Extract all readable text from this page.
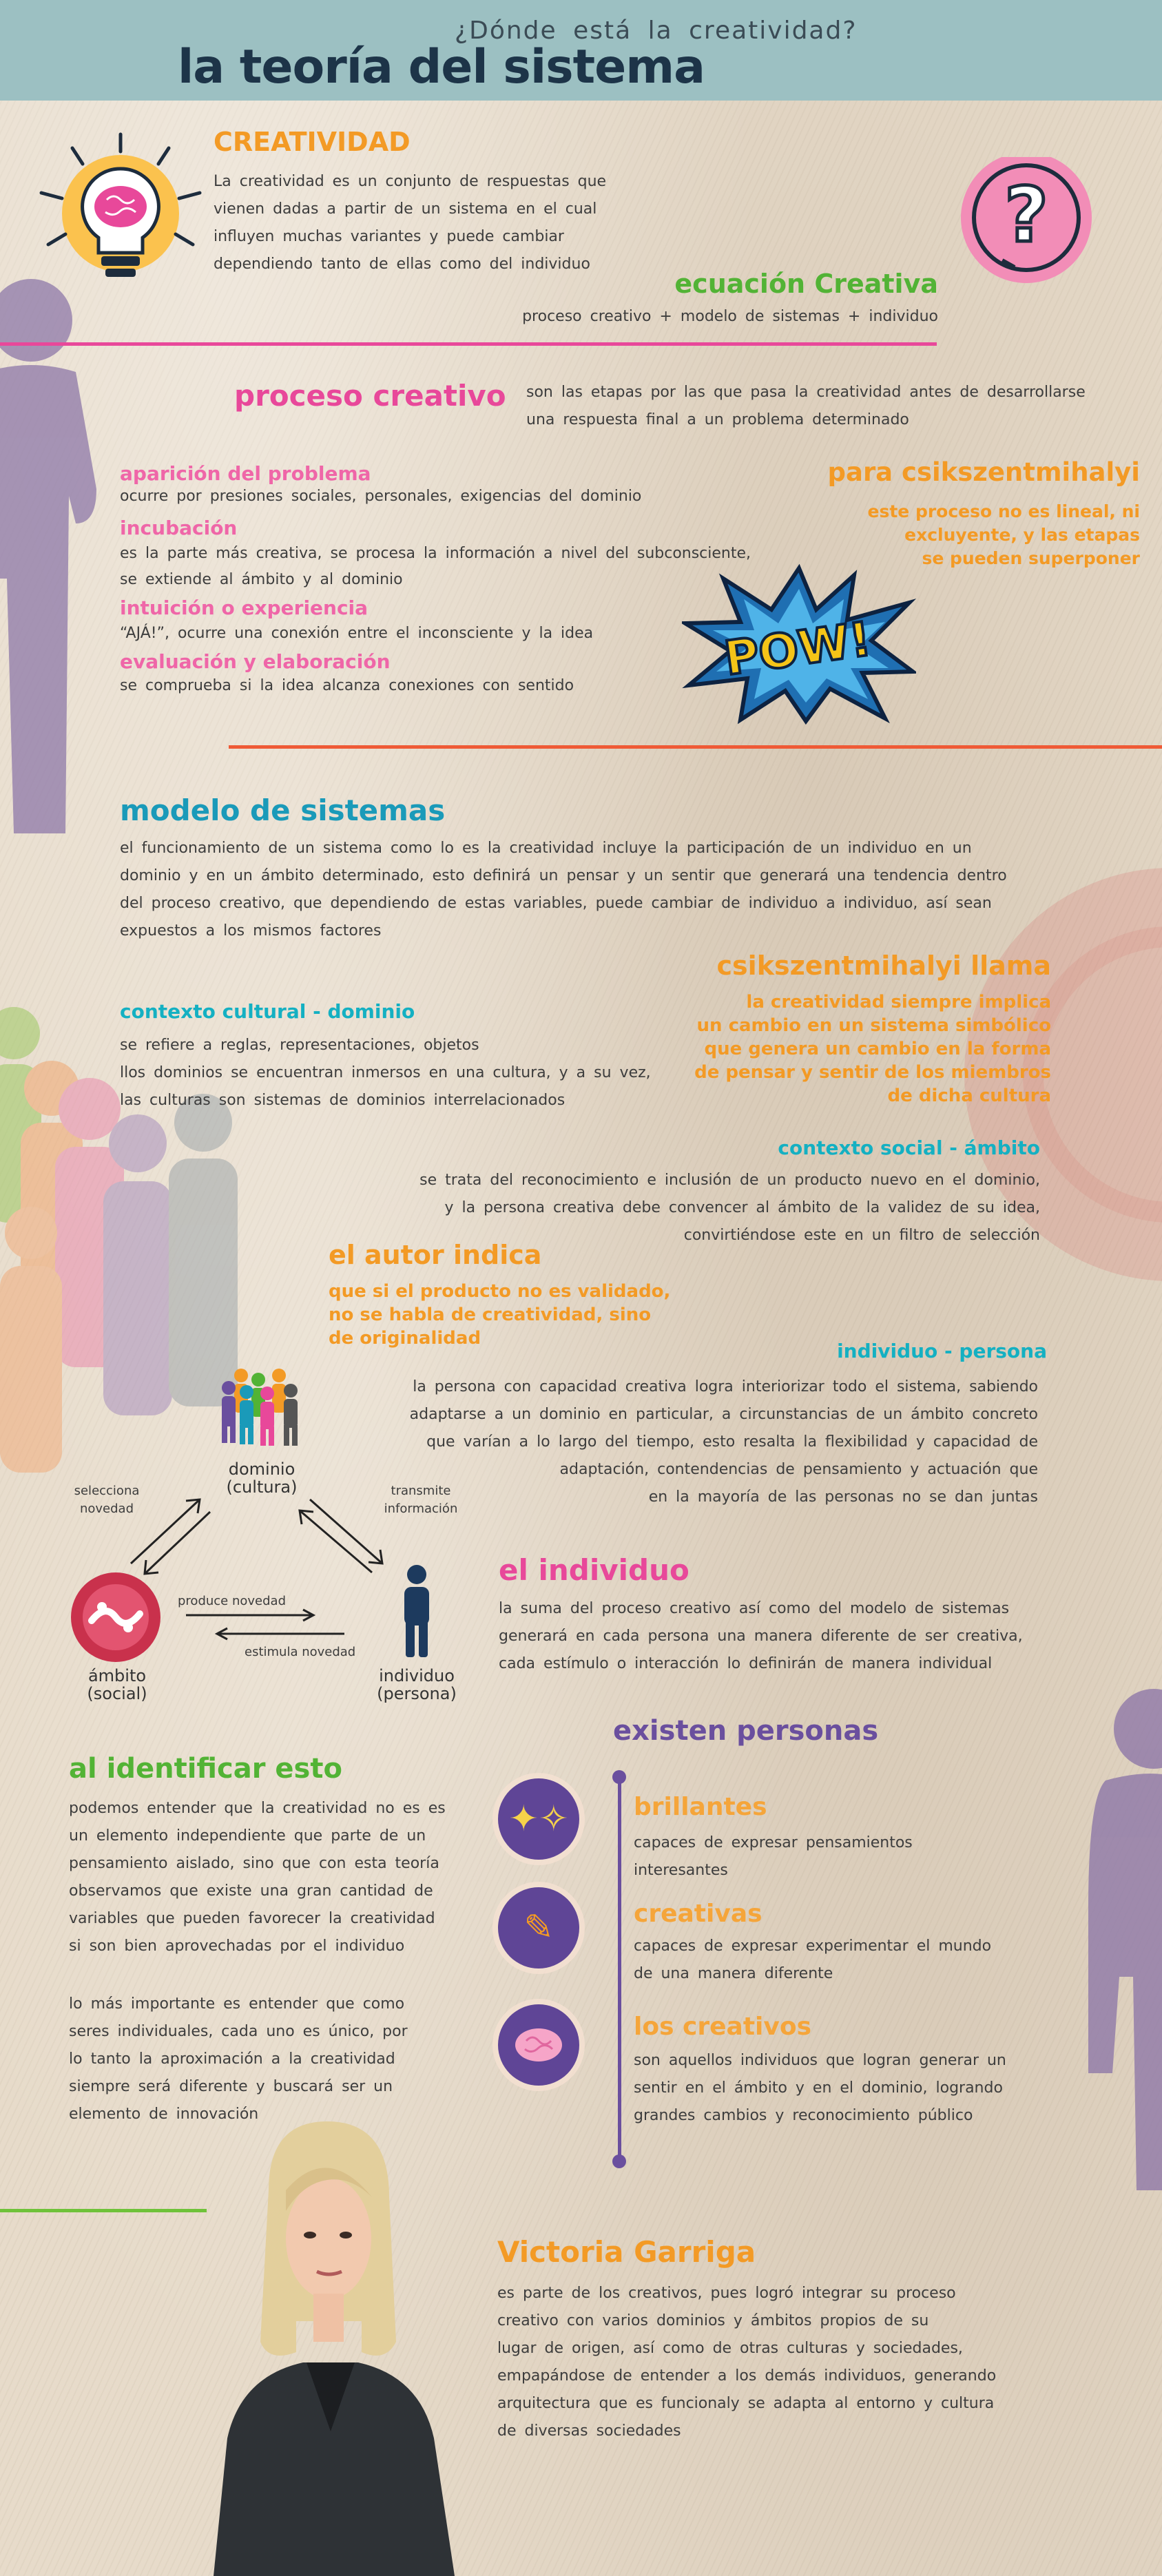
¿Dónde está la creatividad?
la teoría del sistema
CREATIVIDAD
La creatividad es un conjunto de respuestas que
vienen dadas a partir de un sistema en el cual
influyen muchas variantes y puede cambiar
dependiendo tanto de ellas como del individuo
?
ecuación Creativa
proceso creativo + modelo de sistemas + individuo
proceso creativo son las etapas por las que pasa la creatividad antes de desarrollarse
una respuesta final a un problema determinado
aparición del problema
ocurre por presiones sociales, personales, exigencias del dominio
incubación
es la parte más creativa, se procesa la información a nivel del subconsciente,
se extiende al ámbito y al dominio
intuición o experiencia
“AJÁ!”, ocurre una conexión entre el inconsciente y la idea
evaluación y elaboración
se comprueba si la idea alcanza conexiones con sentido
para csikszentmihalyi
este proceso no es lineal, ni
excluyente, y las etapas
se pueden superponer
POW!
modelo de sistemas
el funcionamiento de un sistema como lo es la creatividad incluye la participación de un individuo en un
dominio y en un ámbito determinado, esto definirá un pensar y un sentir que generará una tendencia dentro
del proceso creativo, que dependiendo de estas variables, puede cambiar de individuo a individuo, así sean
expuestos a los mismos factores
csikszentmihalyi llama
la creatividad siempre implica
un cambio en un sistema simbólico
que genera un cambio en la forma
de pensar y sentir de los miembros
de dicha cultura
contexto cultural - dominio
se refiere a reglas, representaciones, objetos
llos dominios se encuentran inmersos en una cultura, y a su vez,
las culturas son sistemas de dominios interrelacionados
contexto social - ámbito
se trata del reconocimiento e inclusión de un producto nuevo en el dominio,
y la persona creativa debe convencer al ámbito de la validez de su idea,
convirtiéndose este en un filtro de selección
el autor indica
que si el producto no es validado,
no se habla de creatividad, sino
de originalidad
individuo - persona
la persona con capacidad creativa logra interiorizar todo el sistema, sabiendo
adaptarse a un dominio en particular, a circunstancias de un ámbito concreto
que varían a lo largo del tiempo, esto resalta la flexibilidad y capacidad de
adaptación, contendencias de pensamiento y actuación que
en la mayoría de las personas no se dan juntas
dominio
(cultura)
selecciona
novedad
transmite
información
ámbito
(social)
produce novedad
estimula novedad
individuo
(persona)
el individuo
la suma del proceso creativo así como del modelo de sistemas
generará en cada persona una manera diferente de ser creativa,
cada estímulo o interacción lo definirán de manera individual
al identificar esto
podemos entender que la creatividad no es es
un elemento independiente que parte de un
pensamiento aislado, sino que con esta teoría
observamos que existe una gran cantidad de
variables que pueden favorecer la creatividad
si son bien aprovechadas por el individuo
lo más importante es entender que como
seres individuales, cada uno es único, por
lo tanto la aproximación a la creatividad
siempre será diferente y buscará ser un
elemento de innovación
existen personas
✦✧
✎
brillantes
capaces de expresar pensamientos
interesantes
creativas
capaces de expresar experimentar el mundo
de una manera diferente
los creativos
son aquellos individuos que logran generar un
sentir en el ámbito y en el dominio, logrando
grandes cambios y reconocimiento público
Victoria Garriga
es parte de los creativos, pues logró integrar su proceso
creativo con varios dominios y ámbitos propios de su
lugar de origen, así como de otras culturas y sociedades,
empapándose de entender a los demás individuos, generando
arquitectura que es funcionaly se adapta al entorno y cultura
de diversas sociedades
